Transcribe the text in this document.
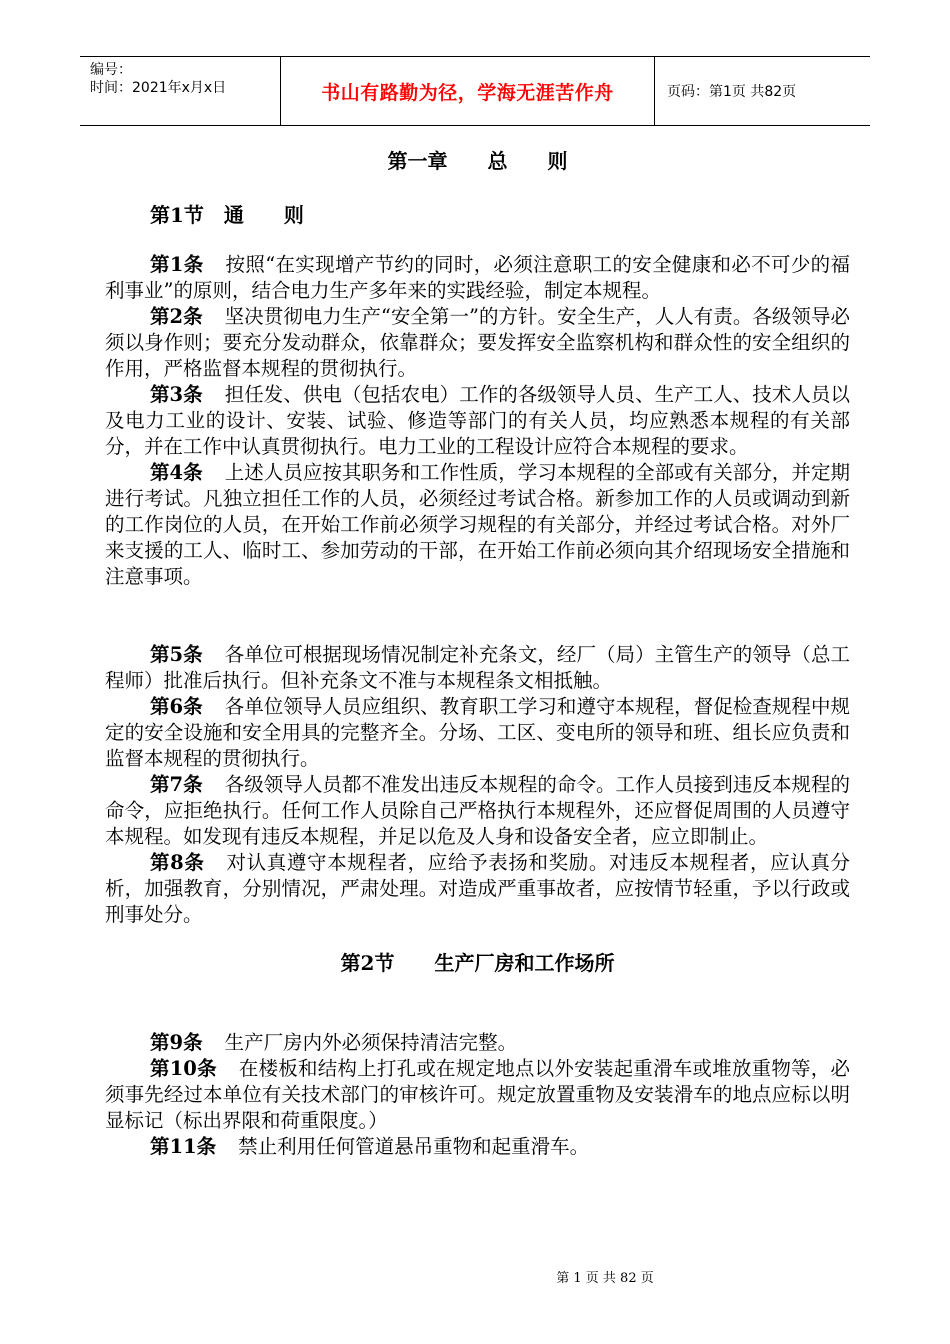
编号：
时间：2021年x月x日	书山有路勤为径，学海无涯苦作舟	页码：第1页 共82页
第一章　　总　　则
第1节　通　　则

第1条 按照“在实现增产节约的同时，必须注意职工的安全健康和必不可少的福利事业”的原则，结合电力生产多年来的实践经验，制定本规程。

第2条 坚决贯彻电力生产“安全第一”的方针。安全生产，人人有责。各级领导必须以身作则；要充分发动群众，依靠群众；要发挥安全监察机构和群众性的安全组织的作用，严格监督本规程的贯彻执行。

第3条 担任发、供电（包括农电）工作的各级领导人员、生产工人、技术人员以及电力工业的设计、安装、试验、修造等部门的有关人员，均应熟悉本规程的有关部分，并在工作中认真贯彻执行。电力工业的工程设计应符合本规程的要求。

第4条 上述人员应按其职务和工作性质，学习本规程的全部或有关部分，并定期进行考试。凡独立担任工作的人员，必须经过考试合格。新参加工作的人员或调动到新的工作岗位的人员，在开始工作前必须学习规程的有关部分，并经过考试合格。对外厂来支援的工人、临时工、参加劳动的干部，在开始工作前必须向其介绍现场安全措施和注意事项。

第5条 各单位可根据现场情况制定补充条文，经厂（局）主管生产的领导（总工程师）批准后执行。但补充条文不准与本规程条文相抵触。

第6条 各单位领导人员应组织、教育职工学习和遵守本规程，督促检查规程中规定的安全设施和安全用具的完整齐全。分场、工区、变电所的领导和班、组长应负责和监督本规程的贯彻执行。

第7条 各级领导人员都不准发出违反本规程的命令。工作人员接到违反本规程的命令，应拒绝执行。任何工作人员除自己严格执行本规程外，还应督促周围的人员遵守本规程。如发现有违反本规程，并足以危及人身和设备安全者，应立即制止。

第8条 对认真遵守本规程者，应给予表扬和奖励。对违反本规程者，应认真分析，加强教育，分别情况，严肃处理。对造成严重事故者，应按情节轻重，予以行政或刑事处分。

第2节　　生产厂房和工作场所

第9条 生产厂房内外必须保持清洁完整。

第10条 在楼板和结构上打孔或在规定地点以外安装起重滑车或堆放重物等，必须事先经过本单位有关技术部门的审核许可。规定放置重物及安装滑车的地点应标以明显标记（标出界限和荷重限度。）

第11条 禁止利用任何管道悬吊重物和起重滑车。

第 1 页 共 82 页
